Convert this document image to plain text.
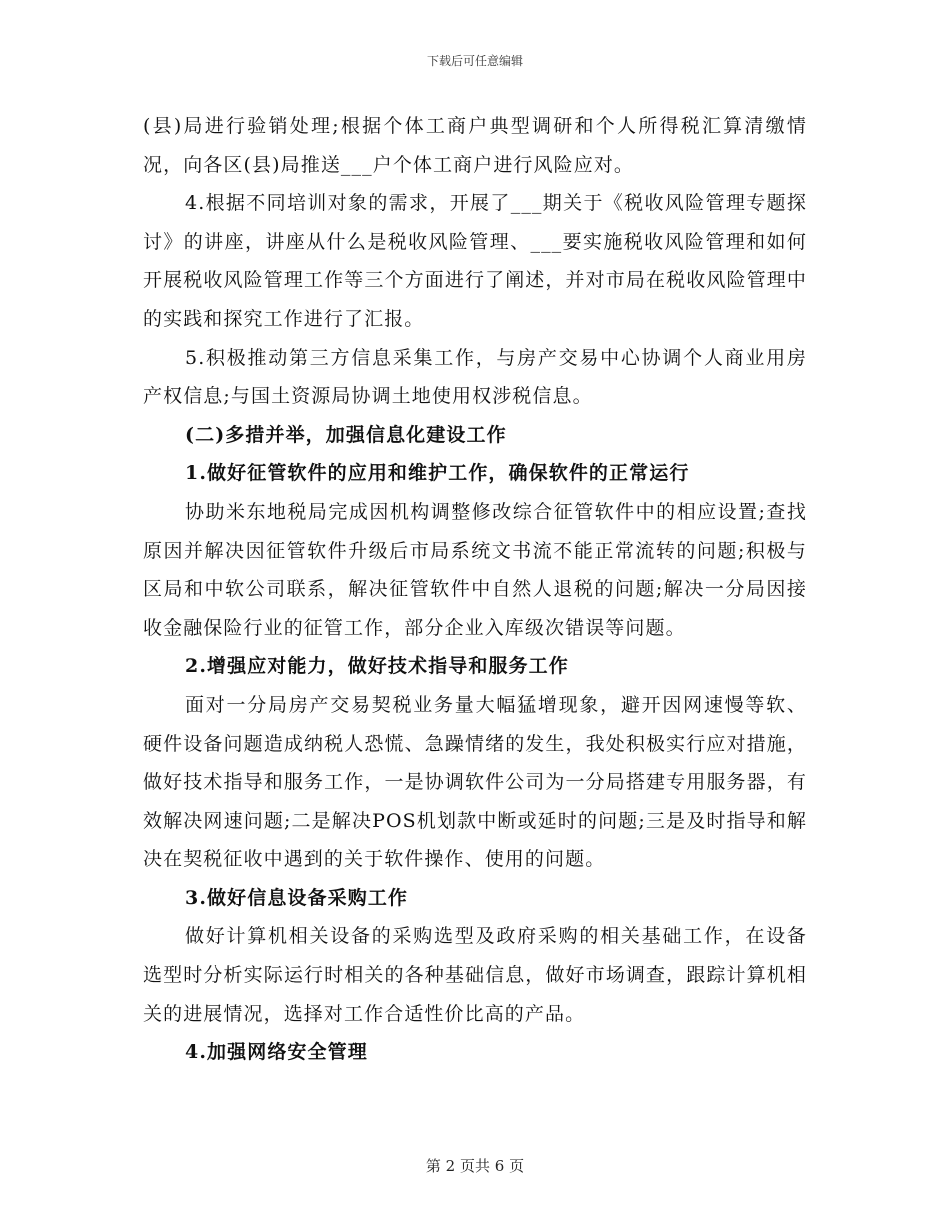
下载后可任意编辑

(县)局进行验销处理;根据个体工商户典型调研和个人所得税汇算清缴情况，向各区(县)局推送___户个体工商户进行风险应对。

4.根据不同培训对象的需求，开展了___期关于《税收风险管理专题探讨》的讲座，讲座从什么是税收风险管理、___要实施税收风险管理和如何开展税收风险管理工作等三个方面进行了阐述，并对市局在税收风险管理中的实践和探究工作进行了汇报。

5.积极推动第三方信息采集工作，与房产交易中心协调个人商业用房产权信息;与国土资源局协调土地使用权涉税信息。

(二)多措并举，加强信息化建设工作

1.做好征管软件的应用和维护工作，确保软件的正常运行

协助米东地税局完成因机构调整修改综合征管软件中的相应设置;查找原因并解决因征管软件升级后市局系统文书流不能正常流转的问题;积极与区局和中软公司联系，解决征管软件中自然人退税的问题;解决一分局因接收金融保险行业的征管工作，部分企业入库级次错误等问题。

2.增强应对能力，做好技术指导和服务工作

面对一分局房产交易契税业务量大幅猛增现象，避开因网速慢等软、硬件设备问题造成纳税人恐慌、急躁情绪的发生，我处积极实行应对措施，做好技术指导和服务工作，一是协调软件公司为一分局搭建专用服务器，有效解决网速问题;二是解决POS机划款中断或延时的问题;三是及时指导和解决在契税征收中遇到的关于软件操作、使用的问题。

3.做好信息设备采购工作

做好计算机相关设备的采购选型及政府采购的相关基础工作，在设备选型时分析实际运行时相关的各种基础信息，做好市场调查，跟踪计算机相关的进展情况，选择对工作合适性价比高的产品。

4.加强网络安全管理

第 2 页共 6 页
